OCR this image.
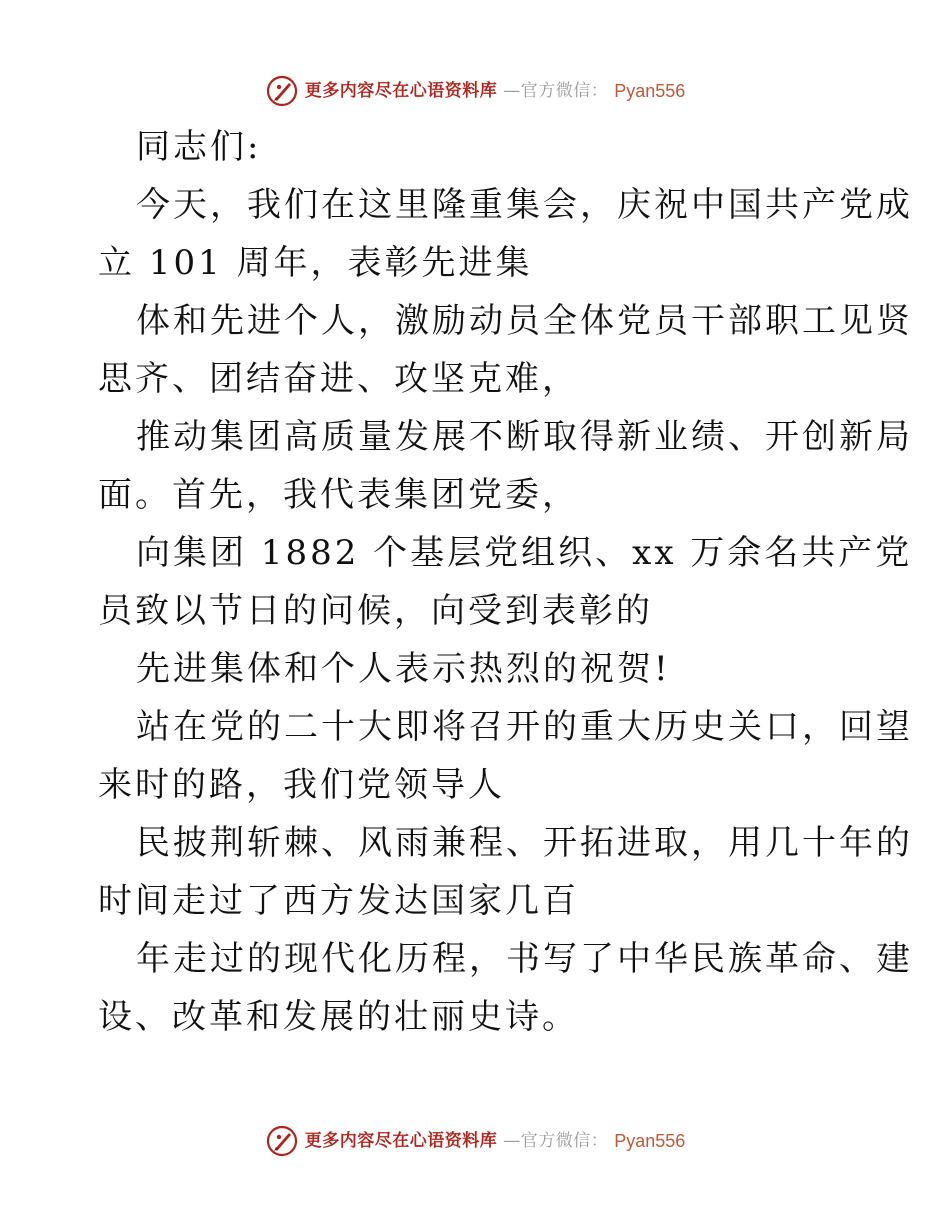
更多内容尽在心语资料库 —官方微信： Pyan556
同志们:
今天，我们在这里隆重集会，庆祝中国共产党成
立 101 周年，表彰先进集
体和先进个人，激励动员全体党员干部职工见贤
思齐、团结奋进、攻坚克难，
推动集团高质量发展不断取得新业绩、开创新局
面。首先，我代表集团党委，
向集团 1882 个基层党组织、xx 万余名共产党
员致以节日的问候，向受到表彰的
先进集体和个人表示热烈的祝贺!
站在党的二十大即将召开的重大历史关口，回望
来时的路，我们党领导人
民披荆斩棘、风雨兼程、开拓进取，用几十年的
时间走过了西方发达国家几百
年走过的现代化历程，书写了中华民族革命、建
设、改革和发展的壮丽史诗。
更多内容尽在心语资料库 —官方微信： Pyan556
